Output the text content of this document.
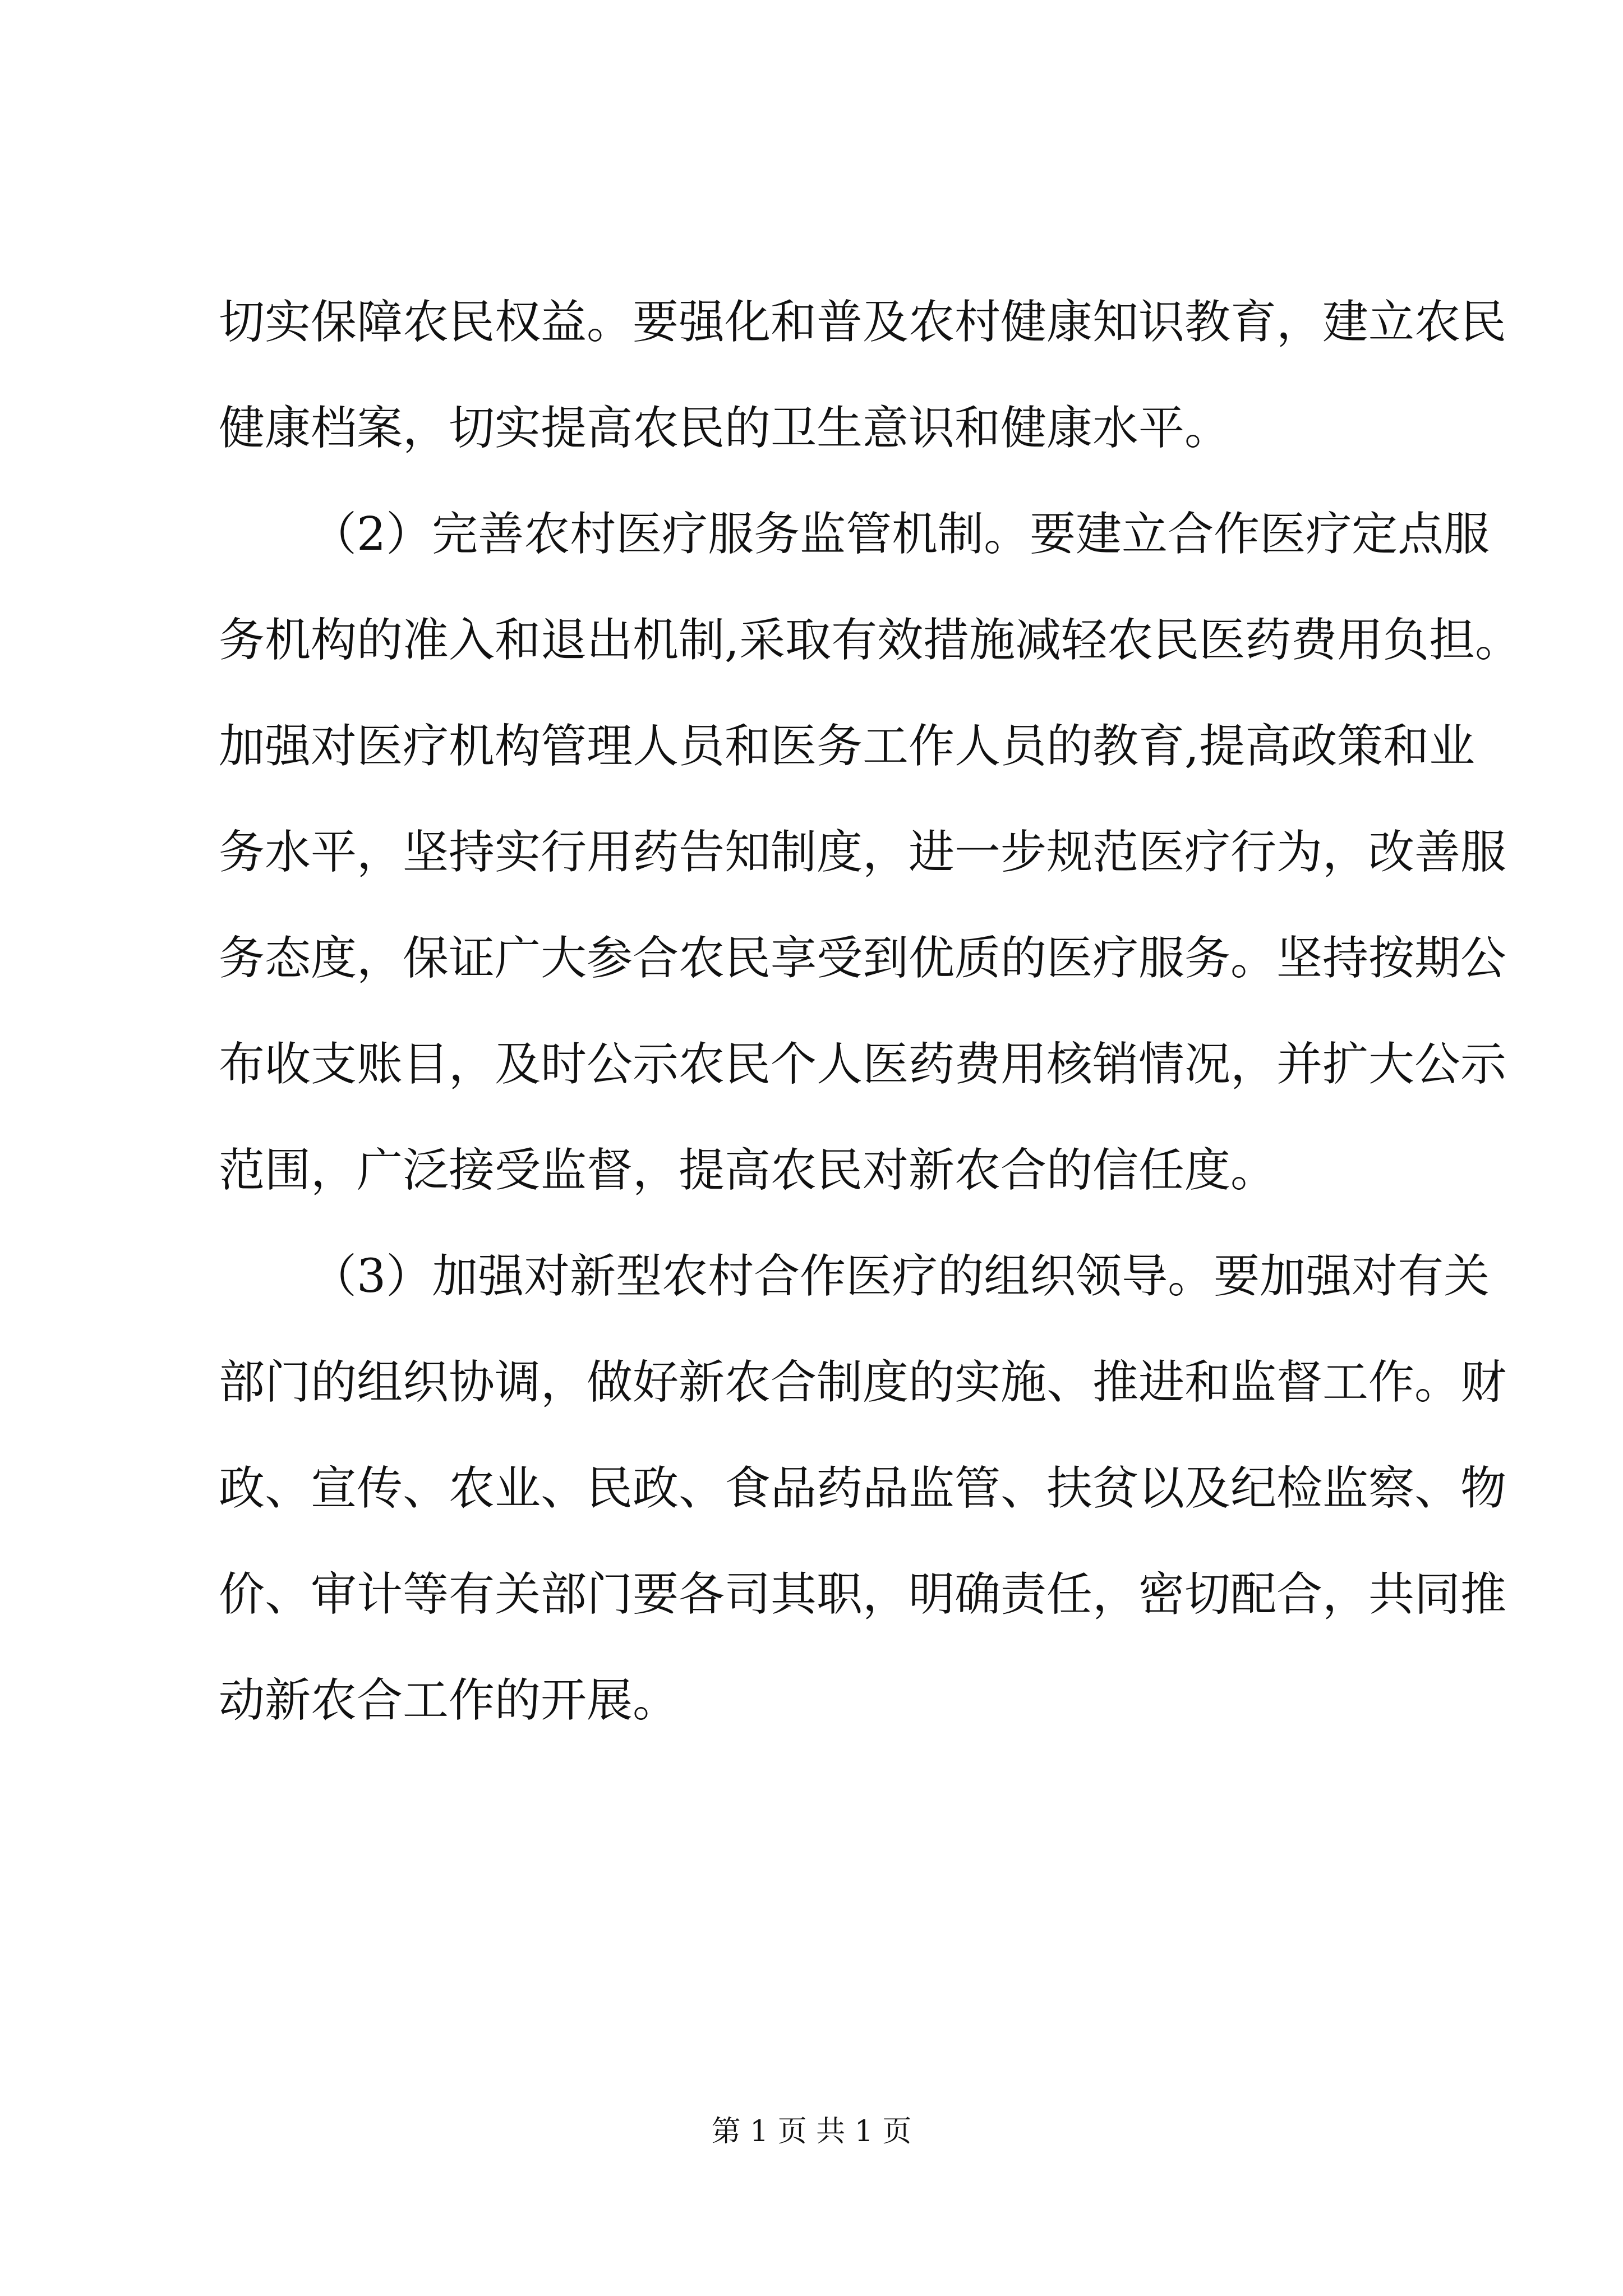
切实保障农民权益。要强化和普及农村健康知识教育，建立农民
健康档案，切实提高农民的卫生意识和健康水平。
（2）完善农村医疗服务监管机制。要建立合作医疗定点服
务机构的准入和退出机制,采取有效措施减轻农民医药费用负担。
加强对医疗机构管理人员和医务工作人员的教育,提高政策和业
务水平，坚持实行用药告知制度，进一步规范医疗行为，改善服
务态度，保证广大参合农民享受到优质的医疗服务。坚持按期公
布收支账目，及时公示农民个人医药费用核销情况，并扩大公示
范围，广泛接受监督，提高农民对新农合的信任度。
（3）加强对新型农村合作医疗的组织领导。要加强对有关
部门的组织协调，做好新农合制度的实施、推进和监督工作。财
政、宣传、农业、民政、食品药品监管、扶贫以及纪检监察、物
价、审计等有关部门要各司其职，明确责任，密切配合，共同推
动新农合工作的开展。
第 1 页 共 1 页
